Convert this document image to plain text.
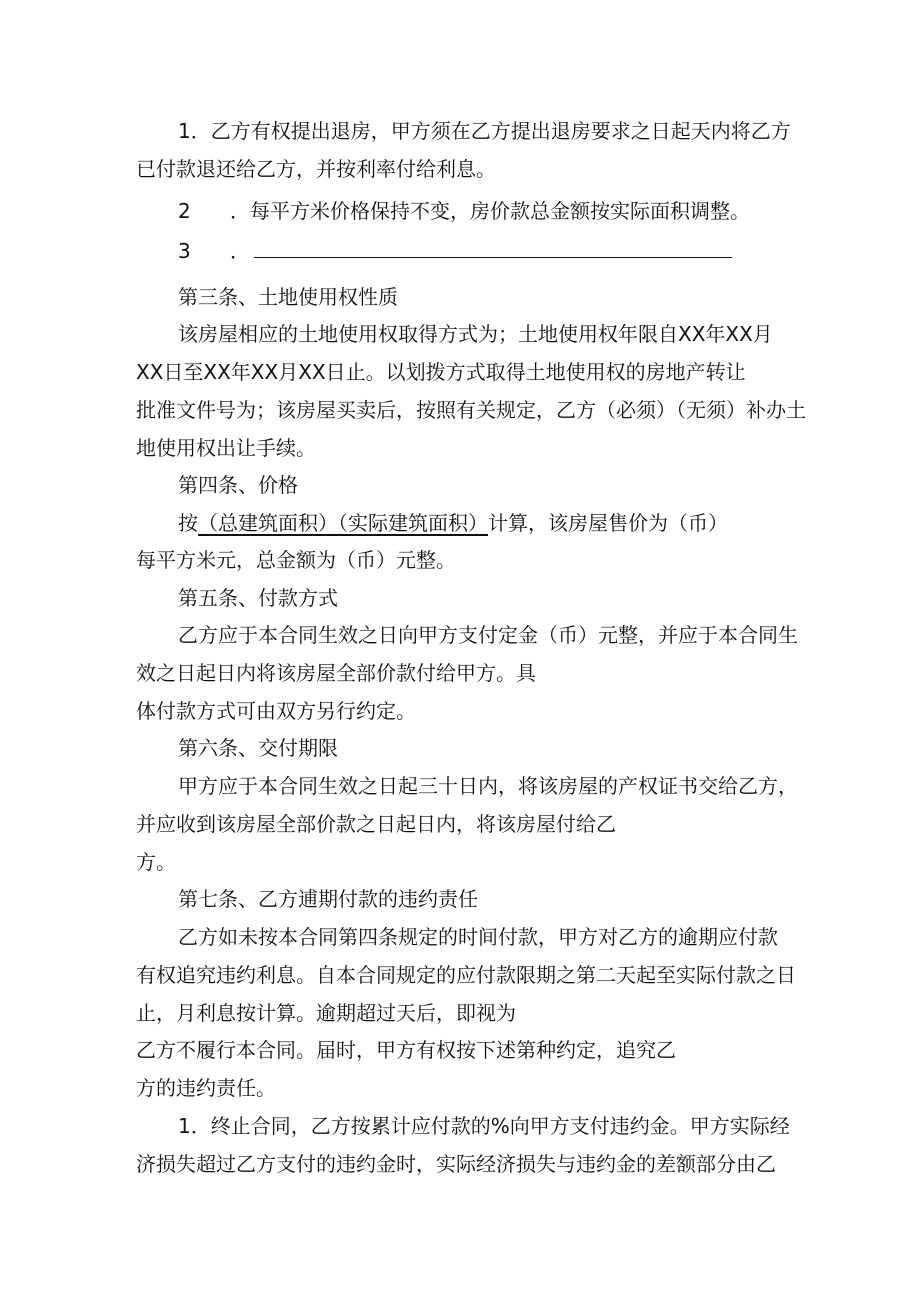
1．乙方有权提出退房，甲方须在乙方提出退房要求之日起天内将乙方
已付款退还给乙方，并按利率付给利息。
2 ．每平方米价格保持不变，房价款总金额按实际面积调整。
3 ．
第三条、土地使用权性质
该房屋相应的土地使用权取得方式为；土地使用权年限自XX年XX月
XX日至XX年XX月XX日止。以划拨方式取得土地使用权的房地产转让
批准文件号为；该房屋买卖后，按照有关规定，乙方（必须）（无须）补办土
地使用权出让手续。
第四条、价格
按（总建筑面积）（实际建筑面积）计算，该房屋售价为（币）
每平方米元，总金额为（币）元整。
第五条、付款方式
乙方应于本合同生效之日向甲方支付定金（币）元整，并应于本合同生
效之日起日内将该房屋全部价款付给甲方。具
体付款方式可由双方另行约定。
第六条、交付期限
甲方应于本合同生效之日起三十日内，将该房屋的产权证书交给乙方，
并应收到该房屋全部价款之日起日内，将该房屋付给乙
方。
第七条、乙方逋期付款的违约责任
乙方如未按本合同第四条规定的时间付款，甲方对乙方的逾期应付款
有权追究违约利息。自本合同规定的应付款限期之第二天起至实际付款之日
止，月利息按计算。逾期超过天后，即视为
乙方不履行本合同。届时，甲方有权按下述第种约定，追究乙
方的违约责任。
1．终止合同，乙方按累计应付款的%向甲方支付违约金。甲方实际经
济损失超过乙方支付的违约金时，实际经济损失与违约金的差额部分由乙
